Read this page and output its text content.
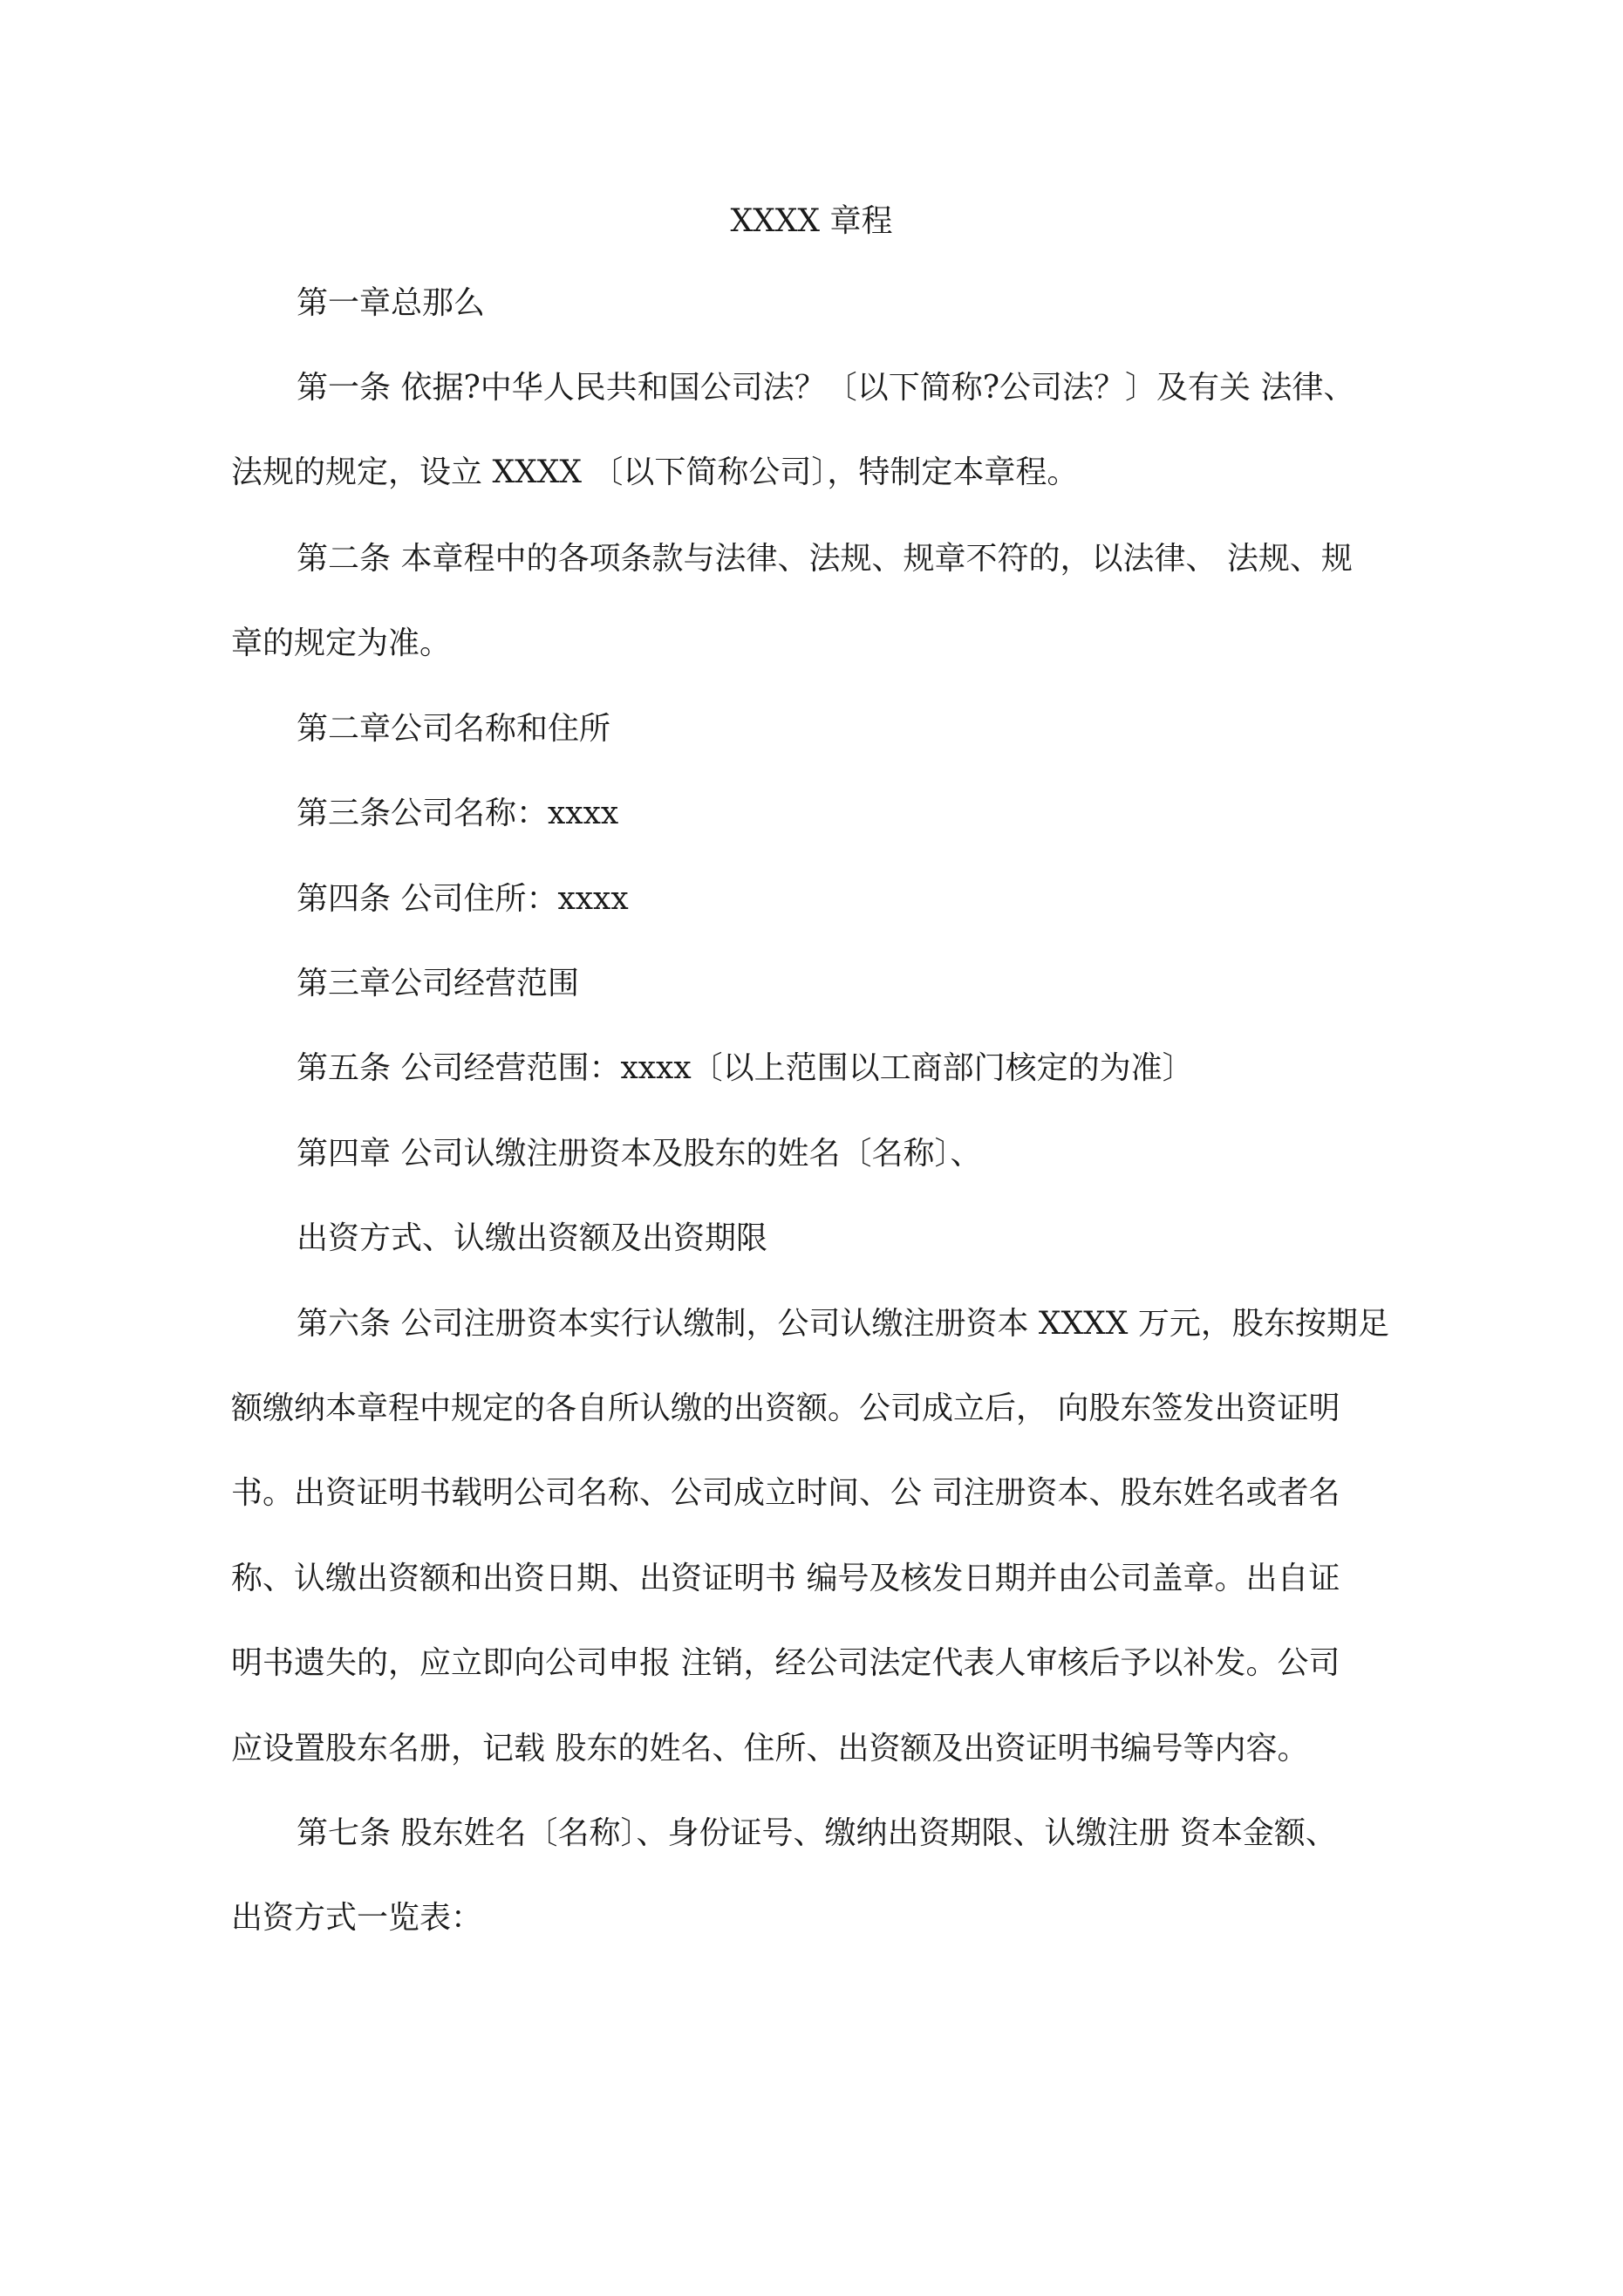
XXXX 章程
第一章总那么
第一条 依据?中华人民共和国公司法？〔以下简称?公司法？〕及有关 法律、
法规的规定，设立 XXXX 〔以下简称公司〕，特制定本章程。
第二条 本章程中的各项条款与法律、法规、规章不符的，以法律、 法规、规
章的规定为准。
第二章公司名称和住所
第三条公司名称：xxxx
第四条 公司住所：xxxx
第三章公司经营范围
第五条 公司经营范围：xxxx〔以上范围以工商部门核定的为准〕
第四章 公司认缴注册资本及股东的姓名〔名称〕、
出资方式、认缴出资额及出资期限
第六条 公司注册资本实行认缴制，公司认缴注册资本 XXXX 万元，股东按期足
额缴纳本章程中规定的各自所认缴的出资额。公司成立后， 向股东签发出资证明
书。出资证明书载明公司名称、公司成立时间、公 司注册资本、股东姓名或者名
称、认缴出资额和出资日期、出资证明书 编号及核发日期并由公司盖章。出自证
明书遗失的，应立即向公司申报 注销，经公司法定代表人审核后予以补发。公司
应设置股东名册，记载 股东的姓名、住所、出资额及出资证明书编号等内容。
第七条 股东姓名〔名称〕、身份证号、缴纳出资期限、认缴注册 资本金额、
出资方式一览表：
